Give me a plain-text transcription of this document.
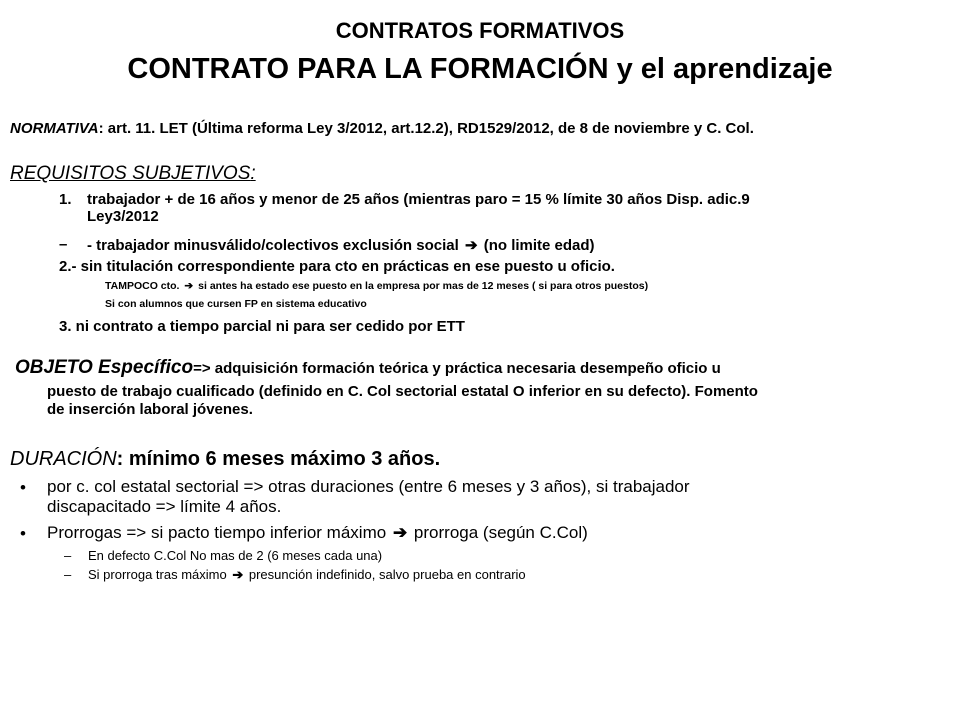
CONTRATOS FORMATIVOS
CONTRATO PARA LA FORMACIÓN y el aprendizaje
NORMATIVA: art. 11. LET (Última reforma Ley 3/2012, art.12.2), RD1529/2012, de 8 de noviembre y C. Col.
REQUISITOS SUBJETIVOS:
1. trabajador + de 16 años y menor de 25 años (mientras paro = 15 % límite 30 años Disp. adic.9
Ley3/2012
– - trabajador minusválido/colectivos exclusión social ➔ (no limite edad)
2.- sin titulación correspondiente para cto en prácticas en ese puesto u oficio.
TAMPOCO cto. ➔ si antes ha estado ese puesto en la empresa por mas de 12 meses ( si para otros puestos)
Si con alumnos que cursen FP en sistema educativo
3. ni contrato a tiempo parcial ni para ser cedido por ETT
OBJETO Específico=> adquisición formación teórica y práctica necesaria desempeño oficio u
puesto de trabajo cualificado (definido en C. Col sectorial estatal O inferior en su defecto). Fomento
de inserción laboral jóvenes.
DURACIÓN: mínimo 6 meses máximo 3 años.
• por c. col estatal sectorial => otras duraciones (entre 6 meses y 3 años), si trabajador
discapacitado => límite 4 años.
• Prorrogas => si pacto tiempo inferior máximo ➔ prorroga (según C.Col)
– En defecto C.Col No mas de 2 (6 meses cada una)
– Si prorroga tras máximo ➔ presunción indefinido, salvo prueba en contrario
